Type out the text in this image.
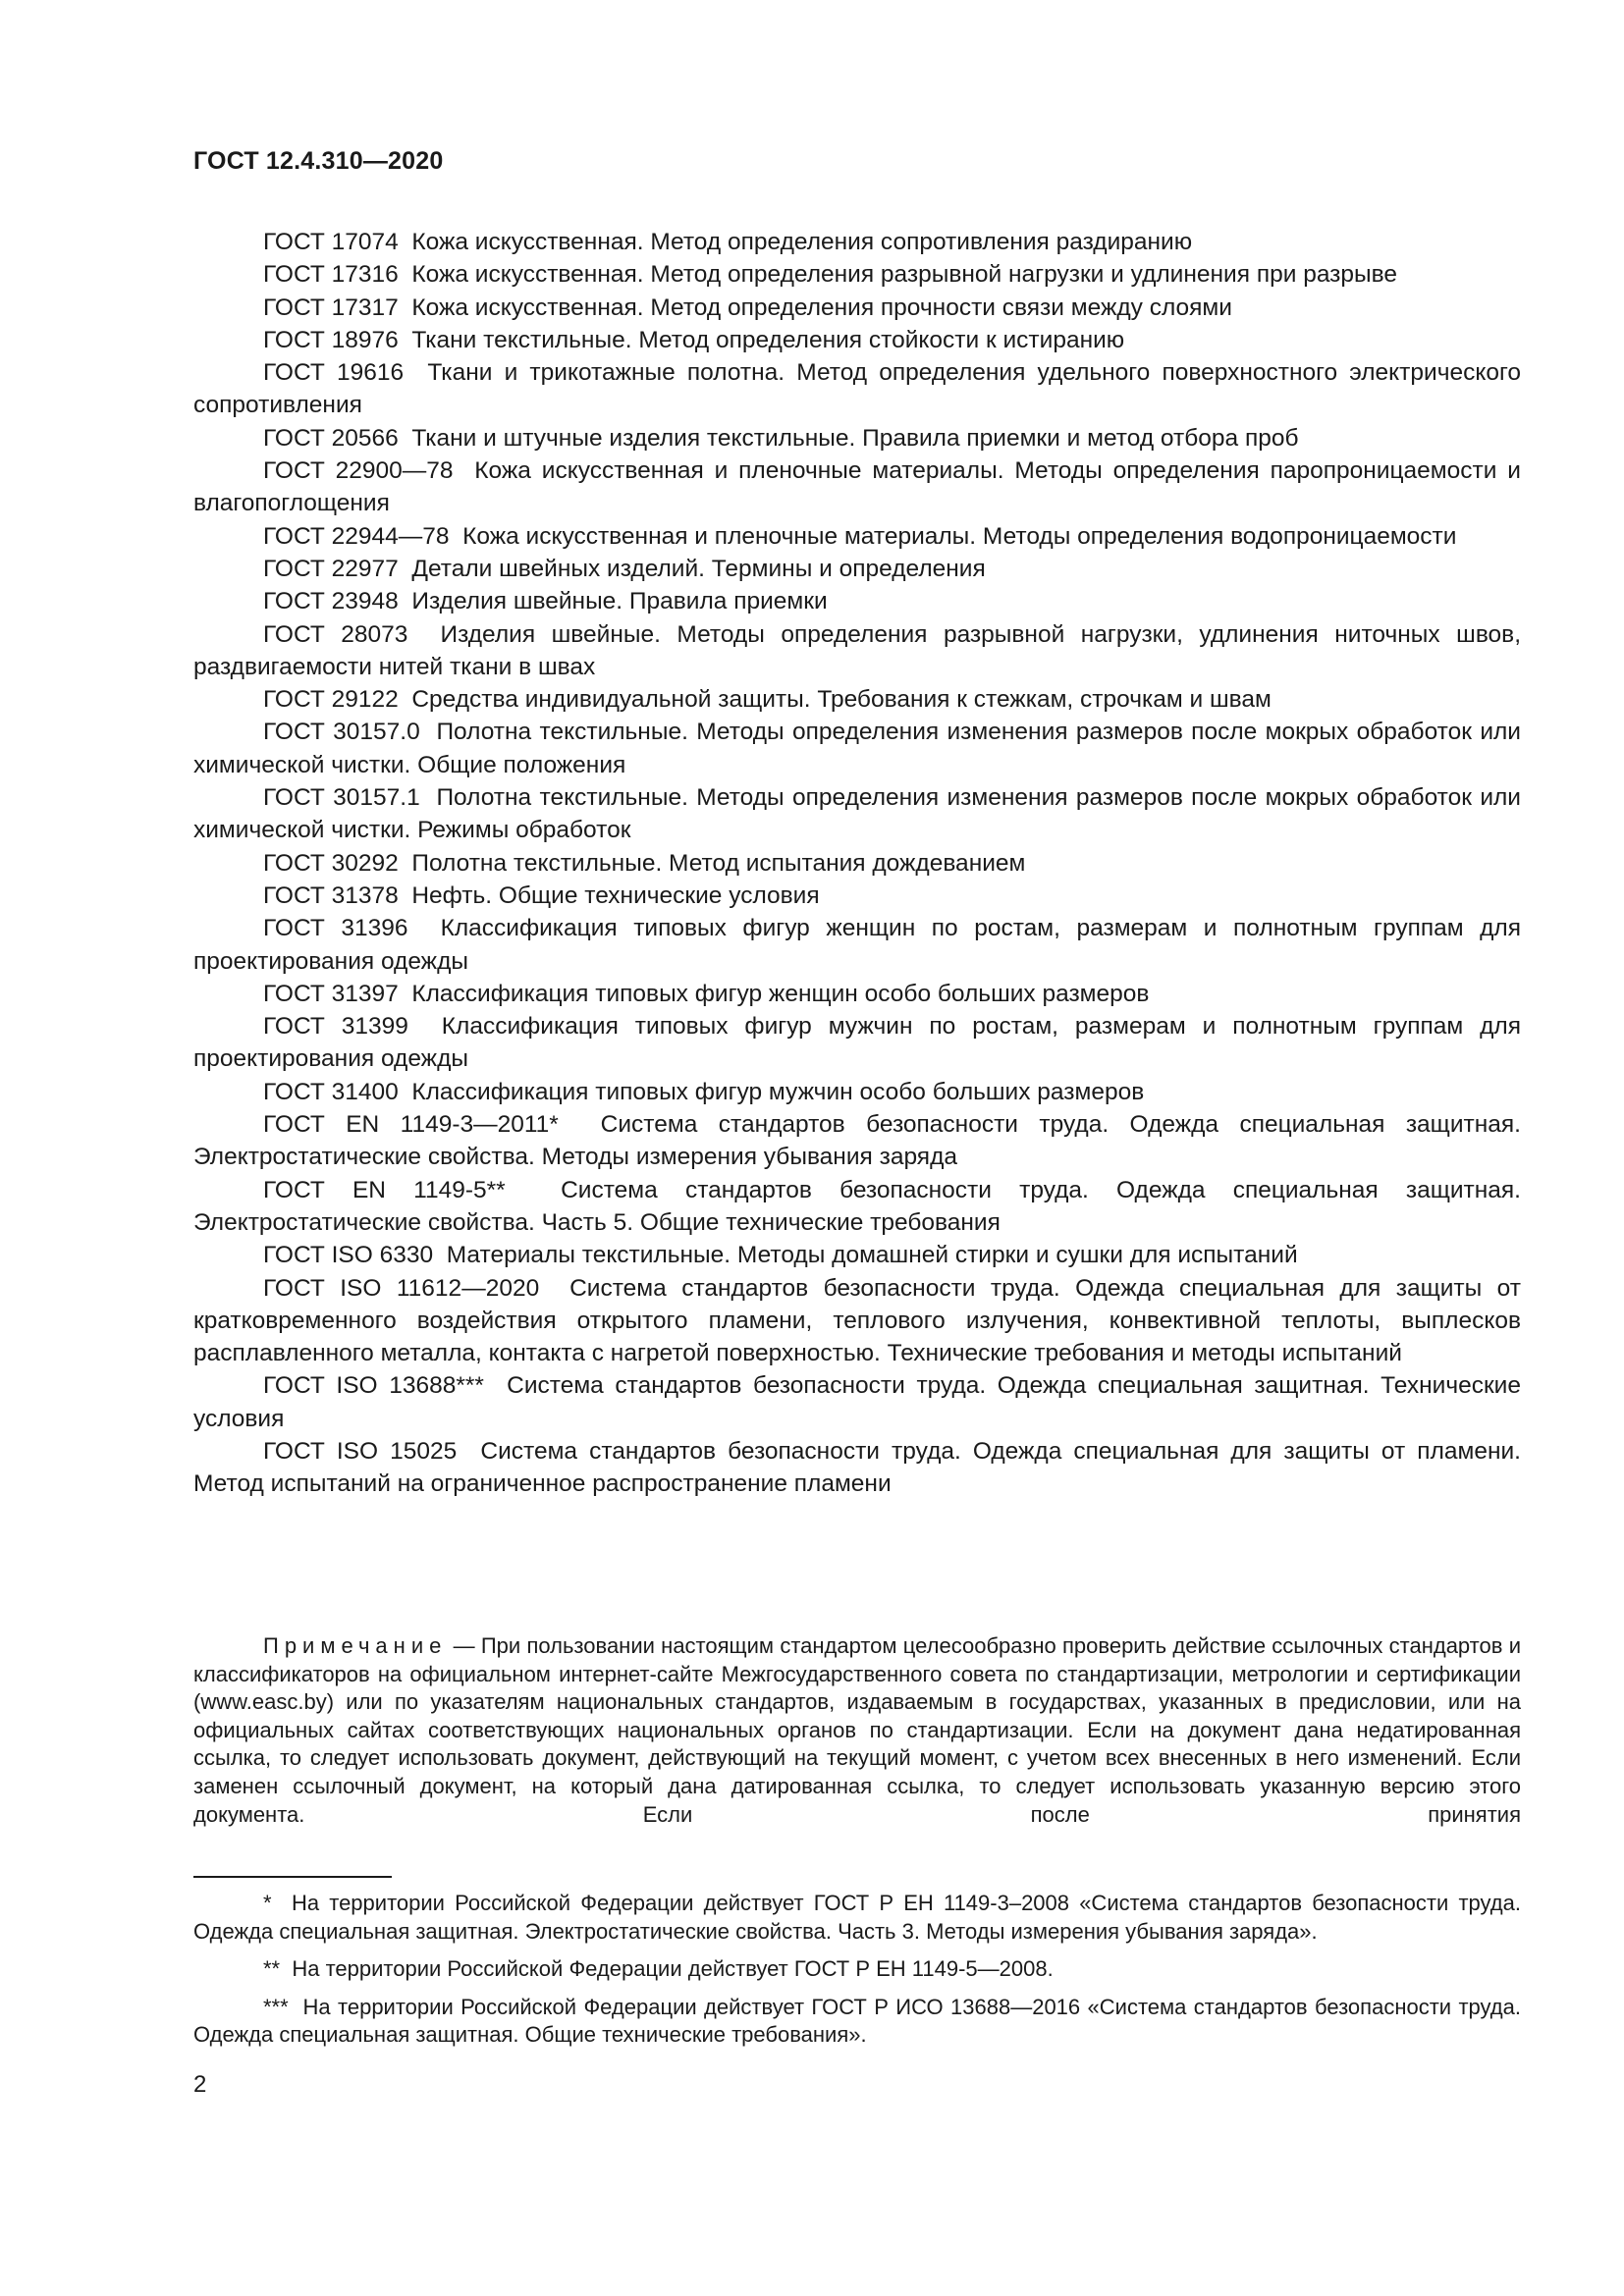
ГОСТ 12.4.310—2020

ГОСТ 17074 Кожа искусственная. Метод определения сопротивления раздиранию

ГОСТ 17316 Кожа искусственная. Метод определения разрывной нагрузки и удлинения при разрыве

ГОСТ 17317 Кожа искусственная. Метод определения прочности связи между слоями

ГОСТ 18976 Ткани текстильные. Метод определения стойкости к истиранию

ГОСТ 19616 Ткани и трикотажные полотна. Метод определения удельного поверхностного электрического сопротивления

ГОСТ 20566 Ткани и штучные изделия текстильные. Правила приемки и метод отбора проб

ГОСТ 22900—78 Кожа искусственная и пленочные материалы. Методы определения паропроницаемости и влагопоглощения

ГОСТ 22944—78 Кожа искусственная и пленочные материалы. Методы определения водопроницаемости

ГОСТ 22977 Детали швейных изделий. Термины и определения

ГОСТ 23948 Изделия швейные. Правила приемки

ГОСТ 28073 Изделия швейные. Методы определения разрывной нагрузки, удлинения ниточных швов, раздвигаемости нитей ткани в швах

ГОСТ 29122 Средства индивидуальной защиты. Требования к стежкам, строчкам и швам

ГОСТ 30157.0 Полотна текстильные. Методы определения изменения размеров после мокрых обработок или химической чистки. Общие положения

ГОСТ 30157.1 Полотна текстильные. Методы определения изменения размеров после мокрых обработок или химической чистки. Режимы обработок

ГОСТ 30292 Полотна текстильные. Метод испытания дождеванием

ГОСТ 31378 Нефть. Общие технические условия

ГОСТ 31396 Классификация типовых фигур женщин по ростам, размерам и полнотным группам для проектирования одежды

ГОСТ 31397 Классификация типовых фигур женщин особо больших размеров

ГОСТ 31399 Классификация типовых фигур мужчин по ростам, размерам и полнотным группам для проектирования одежды

ГОСТ 31400 Классификация типовых фигур мужчин особо больших размеров

ГОСТ EN 1149-3—2011* Система стандартов безопасности труда. Одежда специальная защитная. Электростатические свойства. Методы измерения убывания заряда

ГОСТ EN 1149-5** Система стандартов безопасности труда. Одежда специальная защитная. Электростатические свойства. Часть 5. Общие технические требования

ГОСТ ISO 6330 Материалы текстильные. Методы домашней стирки и сушки для испытаний

ГОСТ ISO 11612—2020 Система стандартов безопасности труда. Одежда специальная для защиты от кратковременного воздействия открытого пламени, теплового излучения, конвективной теплоты, выплесков расплавленного металла, контакта с нагретой поверхностью. Технические требования и методы испытаний

ГОСТ ISO 13688*** Система стандартов безопасности труда. Одежда специальная защитная. Технические условия

ГОСТ ISO 15025 Система стандартов безопасности труда. Одежда специальная для защиты от пламени. Метод испытаний на ограниченное распространение пламени

Примечание — При пользовании настоящим стандартом целесообразно проверить действие ссылочных стандартов и классификаторов на официальном интернет-сайте Межгосударственного совета по стандартизации, метрологии и сертификации (www.easc.by) или по указателям национальных стандартов, издаваемым в государствах, указанных в предисловии, или на официальных сайтах соответствующих национальных органов по стандартизации. Если на документ дана недатированная ссылка, то следует использовать документ, действующий на текущий момент, с учетом всех внесенных в него изменений. Если заменен ссылочный документ, на который дана датированная ссылка, то следует использовать указанную версию этого документа. Если после принятия

* На территории Российской Федерации действует ГОСТ Р ЕН 1149-3–2008 «Система стандартов безопасности труда. Одежда специальная защитная. Электростатические свойства. Часть 3. Методы измерения убывания заряда».

** На территории Российской Федерации действует ГОСТ Р ЕН 1149-5—2008.

*** На территории Российской Федерации действует ГОСТ Р ИСО 13688—2016 «Система стандартов безопасности труда. Одежда специальная защитная. Общие технические требования».

2
